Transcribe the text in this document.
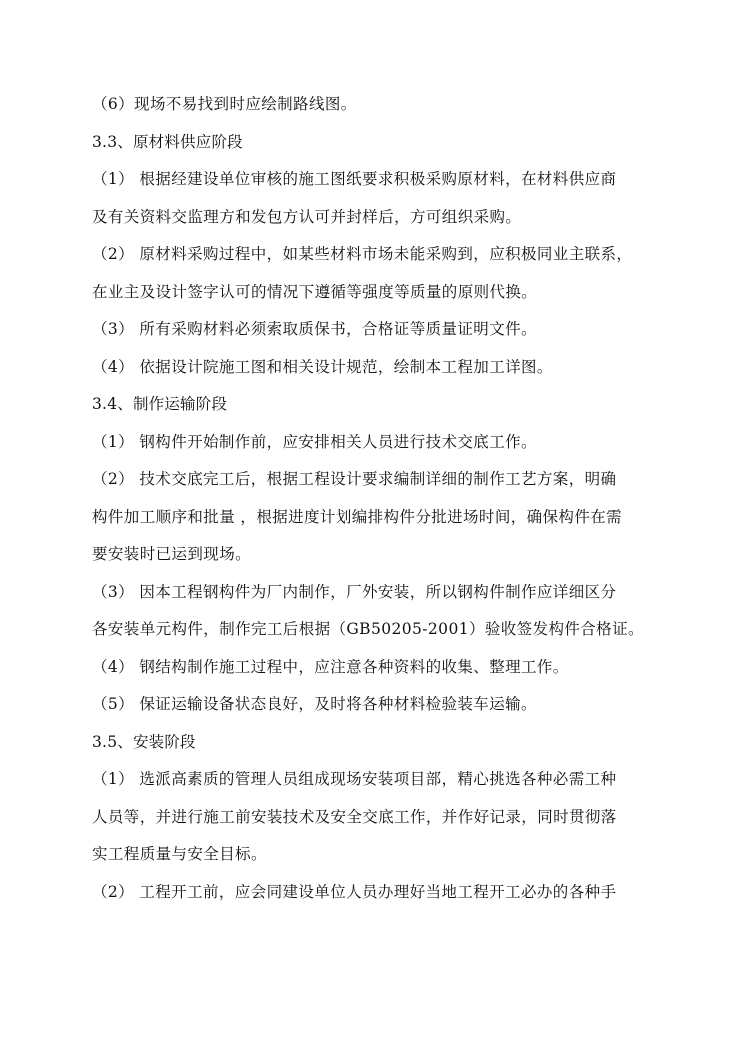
（6）现场不易找到时应绘制路线图。
3.3、原材料供应阶段
（1） 根据经建设单位审核的施工图纸要求积极采购原材料，在材料供应商
及有关资料交监理方和发包方认可并封样后，方可组织采购。
（2） 原材料采购过程中，如某些材料市场未能采购到，应积极同业主联系，
在业主及设计签字认可的情况下遵循等强度等质量的原则代换。
（3） 所有采购材料必须索取质保书，合格证等质量证明文件。
（4） 依据设计院施工图和相关设计规范，绘制本工程加工详图。
3.4、制作运输阶段
（1） 钢构件开始制作前，应安排相关人员进行技术交底工作。
（2） 技术交底完工后，根据工程设计要求编制详细的制作工艺方案，明确
构件加工顺序和批量 ，根据进度计划编排构件分批进场时间，确保构件在需
要安装时已运到现场。
（3） 因本工程钢构件为厂内制作，厂外安装，所以钢构件制作应详细区分
各安装单元构件，制作完工后根据（GB50205-2001）验收签发构件合格证。
（4） 钢结构制作施工过程中，应注意各种资料的收集、整理工作。
（5） 保证运输设备状态良好，及时将各种材料检验装车运输。
3.5、安装阶段
（1） 选派高素质的管理人员组成现场安装项目部，精心挑选各种必需工种
人员等，并进行施工前安装技术及安全交底工作，并作好记录，同时贯彻落
实工程质量与安全目标。
（2） 工程开工前，应会同建设单位人员办理好当地工程开工必办的各种手
